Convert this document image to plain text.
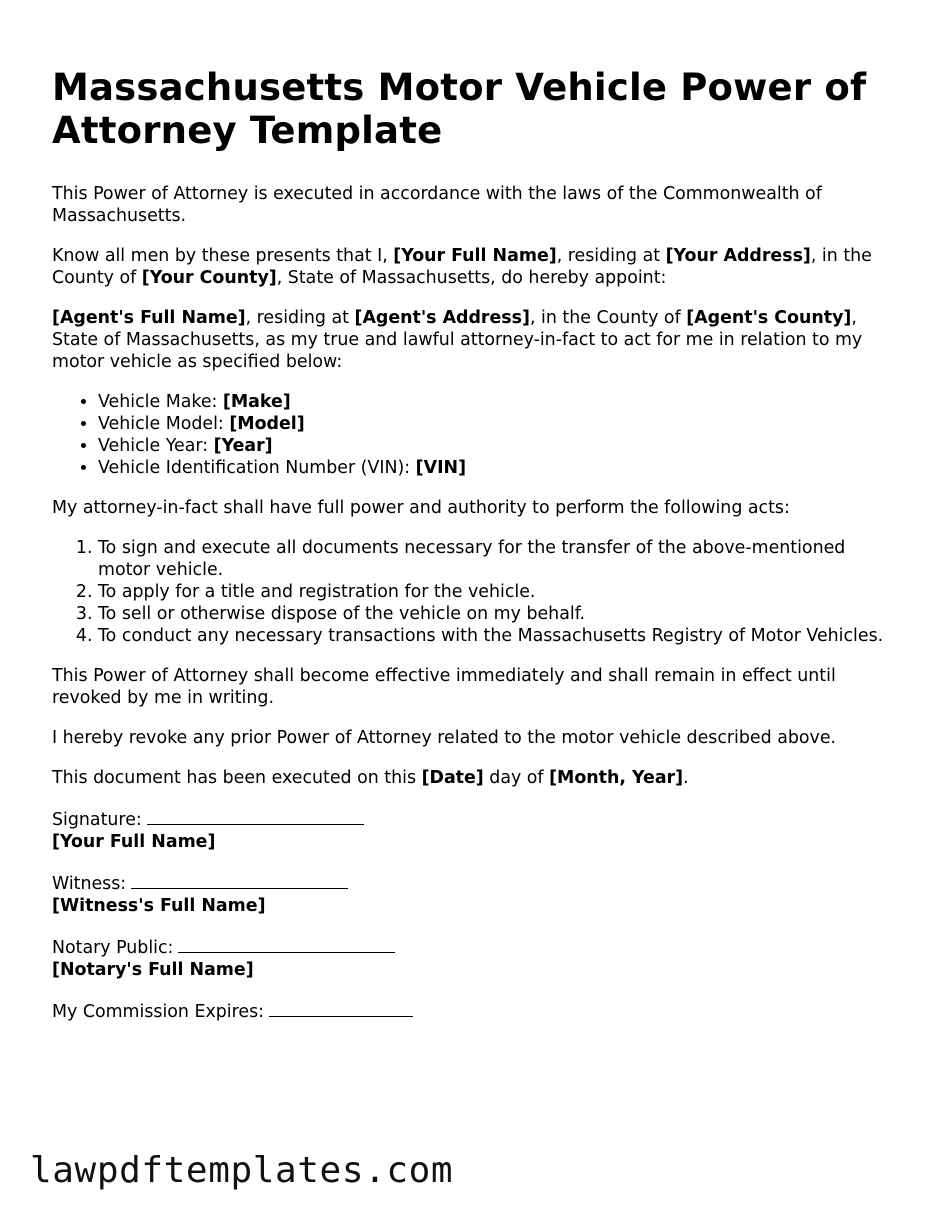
Massachusetts Motor Vehicle Power of Attorney Template

This Power of Attorney is executed in accordance with the laws of the Commonwealth of Massachusetts.

Know all men by these presents that I, [Your Full Name], residing at [Your Address], in the County of [Your County], State of Massachusetts, do hereby appoint:

[Agent's Full Name], residing at [Agent's Address], in the County of [Agent's County], State of Massachusetts, as my true and lawful attorney-in-fact to act for me in relation to my motor vehicle as specified below:

• Vehicle Make: [Make]
• Vehicle Model: [Model]
• Vehicle Year: [Year]
• Vehicle Identification Number (VIN): [VIN]

My attorney-in-fact shall have full power and authority to perform the following acts:

1. To sign and execute all documents necessary for the transfer of the above-mentioned motor vehicle.
2. To apply for a title and registration for the vehicle.
3. To sell or otherwise dispose of the vehicle on my behalf.
4. To conduct any necessary transactions with the Massachusetts Registry of Motor Vehicles.

This Power of Attorney shall become effective immediately and shall remain in effect until revoked by me in writing.

I hereby revoke any prior Power of Attorney related to the motor vehicle described above.

This document has been executed on this [Date] day of [Month, Year].

Signature:
[Your Full Name]
Witness:
[Witness's Full Name]
Notary Public:
[Notary's Full Name]
My Commission Expires:
lawpdftemplates.com
